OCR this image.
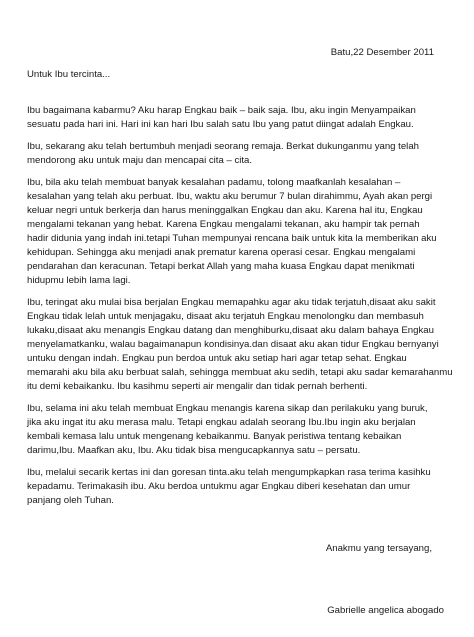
Batu,22 Desember 2011
Untuk Ibu tercinta...
Ibu bagaimana kabarmu? Aku harap Engkau baik – baik saja. Ibu, aku ingin Menyampaikan
sesuatu pada hari ini. Hari ini kan hari Ibu salah satu Ibu yang patut diingat adalah Engkau.
Ibu, sekarang aku telah bertumbuh menjadi seorang remaja. Berkat dukunganmu yang telah
mendorong aku untuk maju dan mencapai cita – cita.
Ibu, bila aku telah membuat banyak kesalahan padamu, tolong maafkanlah kesalahan –
kesalahan yang telah aku perbuat. Ibu, waktu aku berumur 7 bulan dirahimmu, Ayah akan pergi
keluar negri untuk berkerja dan harus meninggalkan Engkau dan aku. Karena hal itu, Engkau
mengalami tekanan yang hebat. Karena Engkau mengalami tekanan, aku hampir tak pernah
hadir didunia yang indah ini.tetapi Tuhan mempunyai rencana baik untuk kita la memberikan aku
kehidupan. Sehingga aku menjadi anak prematur karena operasi cesar. Engkau mengalami
pendarahan dan keracunan. Tetapi berkat Allah yang maha kuasa Engkau dapat menikmati
hidupmu lebih lama lagi.
Ibu, teringat aku mulai bisa berjalan Engkau memapahku agar aku tidak terjatuh,disaat aku sakit
Engkau tidak lelah untuk menjagaku, disaat aku terjatuh Engkau menolongku dan membasuh
lukaku,disaat aku menangis Engkau datang dan menghiburku,disaat aku dalam bahaya Engkau
menyelamatkanku, walau bagaimanapun kondisinya.dan disaat aku akan tidur Engkau bernyanyi
untuku dengan indah. Engkau pun berdoa untuk aku setiap hari agar tetap sehat. Engkau
memarahi aku bila aku berbuat salah, sehingga membuat aku sedih, tetapi aku sadar kemarahanmu
itu demi kebaikanku. Ibu kasihmu seperti air mengalir dan tidak pernah berhenti.
Ibu, selama ini aku telah membuat Engkau menangis karena sikap dan perilakuku yang buruk,
jika aku ingat itu aku merasa malu. Tetapi engkau adalah seorang Ibu.Ibu ingin aku berjalan
kembali kemasa lalu untuk mengenang kebaikanmu. Banyak peristiwa tentang kebaikan
darimu,Ibu. Maafkan aku, Ibu. Aku tidak bisa mengucapkannya satu – persatu.
Ibu, melalui secarik kertas ini dan goresan tinta.aku telah mengumpkapkan rasa terima kasihku
kepadamu. Terimakasih ibu. Aku berdoa untukmu agar Engkau diberi kesehatan dan umur
panjang oleh Tuhan.
Anakmu yang tersayang,
Gabrielle angelica abogado
